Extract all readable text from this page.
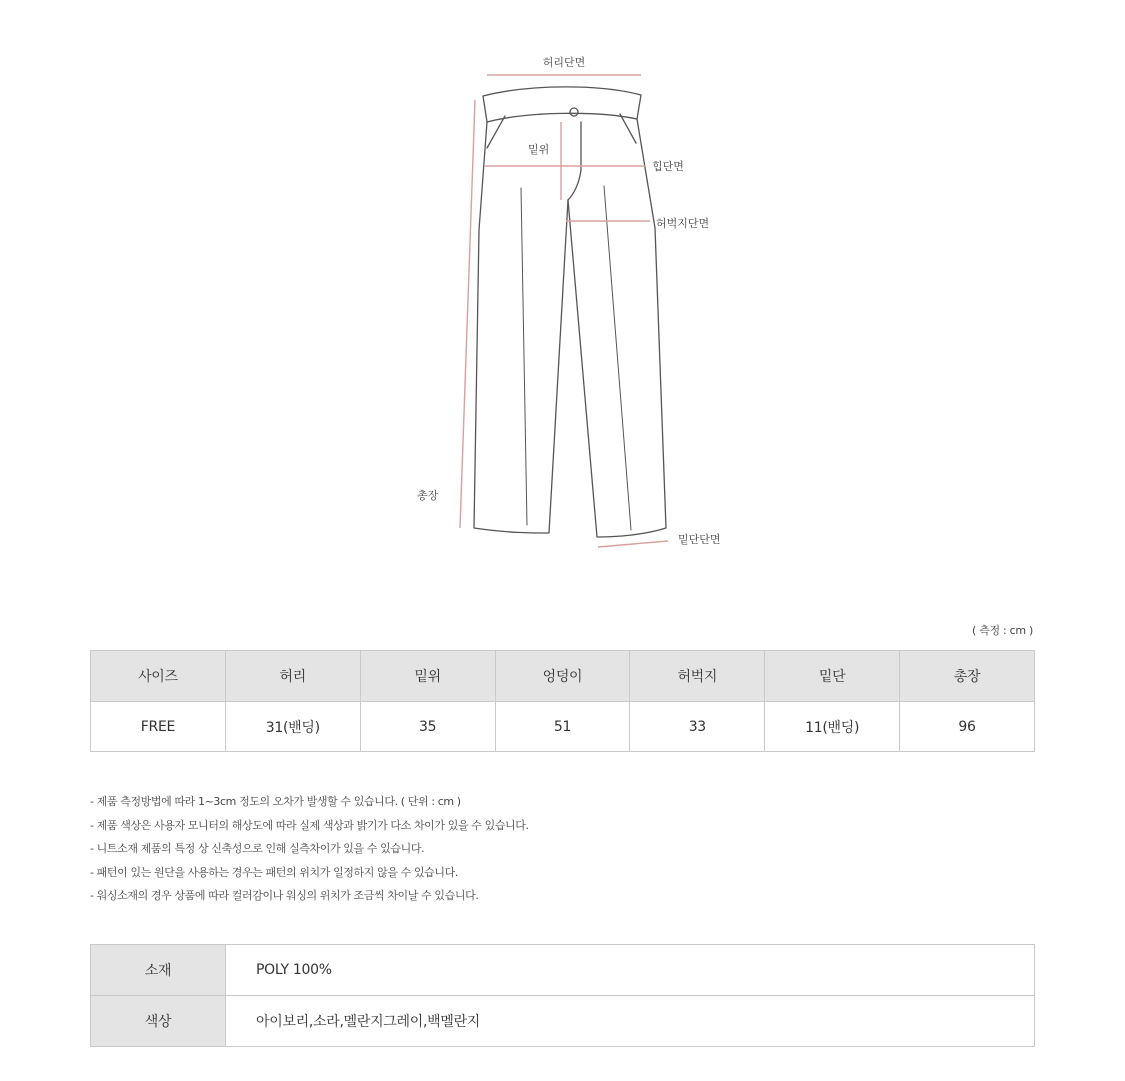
허리단면
밑위
힙단면
허벅지단면
총장
밑단단면
( 측정 : cm )
사이즈	허리	밑위	엉덩이	허벅지	밑단	총장
FREE	31(밴딩)	35	51	33	11(밴딩)	96
- 제품 측정방법에 따라 1~3cm 정도의 오차가 발생할 수 있습니다. ( 단위 : cm )
- 제품 색상은 사용자 모니터의 해상도에 따라 실제 색상과 밝기가 다소 차이가 있을 수 있습니다.
- 니트소재 제품의 특정 상 신축성으로 인해 실측차이가 있을 수 있습니다.
- 패턴이 있는 원단을 사용하는 경우는 패턴의 위치가 일정하지 않을 수 있습니다.
- 워싱소재의 경우 상품에 따라 컬러감이나 워싱의 위치가 조금씩 차이날 수 있습니다.
소재	POLY 100%
색상	아이보리,소라,멜란지그레이,백멜란지
